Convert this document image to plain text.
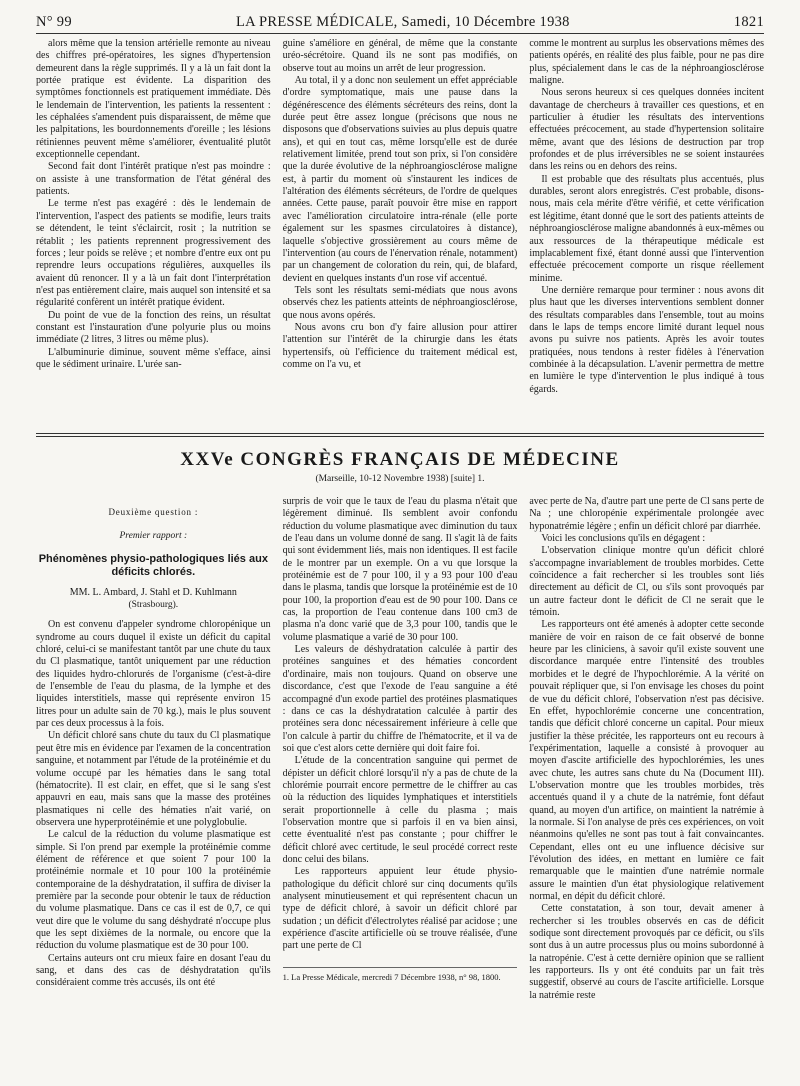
N° 99	LA PRESSE MÉDICALE, Samedi, 10 Décembre 1938	1821

alors même que la tension artérielle remonte au niveau des chiffres pré-opératoires, les signes d'hypertension demeurent dans la règle supprimés. Il y a là un fait dont la portée pratique est évidente. La disparition des symptômes fonctionnels est pratiquement immédiate. Dès le lendemain de l'intervention, les patients la ressentent : les céphalées s'amendent puis disparaissent, de même que les palpitations, les bourdonnements d'oreille ; les lésions rétiniennes peuvent même s'améliorer, éventualité plutôt exceptionnelle cependant.

Second fait dont l'intérêt pratique n'est pas moindre : on assiste à une transformation de l'état général des patients.

Le terme n'est pas exagéré : dès le lendemain de l'intervention, l'aspect des patients se modifie, leurs traits se détendent, le teint s'éclaircit, rosit ; la nutrition se rétablit ; les patients reprennent progressivement des forces ; leur poids se relève ; et nombre d'entre eux ont pu reprendre leurs occupations régulières, auxquelles ils avaient dû renoncer. Il y a là un fait dont l'interprétation n'est pas entièrement claire, mais auquel son intensité et sa régularité confèrent un intérêt pratique évident.

Du point de vue de la fonction des reins, un résultat constant est l'instauration d'une polyurie plus ou moins immédiate (2 litres, 3 litres ou même plus).

L'albuminurie diminue, souvent même s'efface, ainsi que le sédiment urinaire. L'urée san-

guine s'améliore en général, de même que la constante uréo-sécrétoire. Quand ils ne sont pas modifiés, on observe tout au moins un arrêt de leur progression.

Au total, il y a donc non seulement un effet appréciable d'ordre symptomatique, mais une pause dans la dégénérescence des éléments sécréteurs des reins, dont la durée peut être assez longue (précisons que nous ne disposons que d'observations suivies au plus depuis quatre ans), et qui en tout cas, même lorsqu'elle est de durée relativement limitée, prend tout son prix, si l'on considère que la durée évolutive de la néphroangiosclérose maligne est, à partir du moment où s'instaurent les indices de l'altération des éléments sécréteurs, de l'ordre de quelques années. Cette pause, paraît pouvoir être mise en rapport avec l'amélioration circulatoire intra-rénale (elle porte également sur les spasmes circulatoires à distance), laquelle s'objective grossièrement au cours même de l'intervention (au cours de l'énervation rénale, notamment) par un changement de coloration du rein, qui, de blafard, devient en quelques instants d'un rose vif accentué.

Tels sont les résultats semi-médiats que nous avons observés chez les patients atteints de néphroangiosclérose, que nous avons opérés.

Nous avons cru bon d'y faire allusion pour attirer l'attention sur l'intérêt de la chirurgie dans les états hypertensifs, où l'efficience du traitement médical est, comme on l'a vu, et

comme le montrent au surplus les observations mêmes des patients opérés, en réalité des plus faible, pour ne pas dire plus, spécialement dans le cas de la néphroangiosclérose maligne.

Nous serons heureux si ces quelques données incitent davantage de chercheurs à travailler ces questions, et en particulier à étudier les résultats des interventions effectuées précocement, au stade d'hypertension solitaire même, avant que des lésions de destruction par trop profondes et de plus irréversibles ne se soient instaurées dans les reins ou en dehors des reins.

Il est probable que des résultats plus accentués, plus durables, seront alors enregistrés. C'est probable, disons-nous, mais cela mérite d'être vérifié, et cette vérification est légitime, étant donné que le sort des patients atteints de néphroangiosclérose maligne abandonnés à eux-mêmes ou aux ressources de la thérapeutique médicale est implacablement fixé, étant donné aussi que l'intervention effectuée précocement comporte un risque réellement minime.

Une dernière remarque pour terminer : nous avons dit plus haut que les diverses interventions semblent donner des résultats comparables dans l'ensemble, tout au moins dans le laps de temps encore limité durant lequel nous avons pu suivre nos patients. Après les avoir toutes pratiquées, nous tendons à rester fidèles à l'énervation combinée à la décapsulation. L'avenir permettra de mettre en lumière le type d'intervention le plus indiqué à tous égards.

XXVe CONGRÈS FRANÇAIS DE MÉDECINE
(Marseille, 10-12 Novembre 1938) [suite] 1.
Deuxième question :
Premier rapport :
Phénomènes physio-pathologiques liés aux déficits chlorés.
MM. L. Ambard, J. Stahl et D. Kuhlmann
(Strasbourg).

On est convenu d'appeler syndrome chloropénique un syndrome au cours duquel il existe un déficit du capital chloré, celui-ci se manifestant tantôt par une chute du taux du Cl plasmatique, tantôt uniquement par une réduction des liquides hydro-chlorurés de l'organisme (c'est-à-dire de l'ensemble de l'eau du plasma, de la lymphe et des liquides interstitiels, masse qui représente environ 15 litres pour un adulte sain de 70 kg.), mais le plus souvent par ces deux processus à la fois.

Un déficit chloré sans chute du taux du Cl plasmatique peut être mis en évidence par l'examen de la concentration sanguine, et notamment par l'étude de la protéinémie et du volume occupé par les hématies dans le sang total (hématocrite). Il est clair, en effet, que si le sang s'est appauvri en eau, mais sans que la masse des protéines plasmatiques ni celle des hématies n'ait varié, on observera une hyperprotéinémie et une polyglobulie.

Le calcul de la réduction du volume plasmatique est simple. Si l'on prend par exemple la protéinémie comme élément de référence et que soient 7 pour 100 la protéinémie normale et 10 pour 100 la protéinémie contemporaine de la déshydratation, il suffira de diviser la première par la seconde pour obtenir le taux de réduction du volume plasmatique. Dans ce cas il est de 0,7, ce qui veut dire que le volume du sang déshydraté n'occupe plus que les sept dixièmes de la normale, ou encore que la réduction du volume plasmatique est de 30 pour 100.

Certains auteurs ont cru mieux faire en dosant l'eau du sang, et dans des cas de déshydratation qu'ils considéraient comme très accusés, ils ont été

surpris de voir que le taux de l'eau du plasma n'était que légèrement diminué. Ils semblent avoir confondu réduction du volume plasmatique avec diminution du taux de l'eau dans un volume donné de sang. Il s'agit là de faits qui sont évidemment liés, mais non identiques. Il est facile de le montrer par un exemple. On a vu que lorsque la protéinémie est de 7 pour 100, il y a 93 pour 100 d'eau dans le plasma, tandis que lorsque la protéinémie est de 10 pour 100, la proportion d'eau est de 90 pour 100. Dans ce cas, la proportion de l'eau contenue dans 100 cm3 de plasma n'a donc varié que de 3,3 pour 100, tandis que le volume plasmatique a varié de 30 pour 100.

Les valeurs de déshydratation calculée à partir des protéines sanguines et des hématies concordent d'ordinaire, mais non toujours. Quand on observe une discordance, c'est que l'exode de l'eau sanguine a été accompagné d'un exode partiel des protéines plasmatiques : dans ce cas la déshydratation calculée à partir des protéines sera donc nécessairement inférieure à celle que l'on calcule à partir du chiffre de l'hématocrite, et il va de soi que c'est alors cette dernière qui doit faire foi.

L'étude de la concentration sanguine qui permet de dépister un déficit chloré lorsqu'il n'y a pas de chute de la chlorémie pourrait encore permettre de le chiffrer au cas où la réduction des liquides lymphatiques et interstitiels serait proportionnelle à celle du plasma ; mais l'observation montre que si parfois il en va bien ainsi, cette éventualité n'est pas constante ; pour chiffrer le déficit chloré avec certitude, le seul procédé correct reste donc celui des bilans.

Les rapporteurs appuient leur étude physio-pathologique du déficit chloré sur cinq documents qu'ils analysent minutieusement et qui représentent chacun un type de déficit chloré, à savoir un déficit chloré par sudation ; un déficit d'électrolytes réalisé par acidose ; une expérience d'ascite artificielle où se trouve réalisée, d'une part une perte de Cl

1. La Presse Médicale, mercredi 7 Décembre 1938, n° 98, 1800.

avec perte de Na, d'autre part une perte de Cl sans perte de Na ; une chloropénie expérimentale prolongée avec hyponatrémie légère ; enfin un déficit chloré par diarrhée.

Voici les conclusions qu'ils en dégagent :

L'observation clinique montre qu'un déficit chloré s'accompagne invariablement de troubles morbides. Cette coïncidence a fait rechercher si les troubles sont liés directement au déficit de Cl, ou s'ils sont provoqués par un autre facteur dont le déficit de Cl ne serait que le témoin.

Les rapporteurs ont été amenés à adopter cette seconde manière de voir en raison de ce fait observé de bonne heure par les cliniciens, à savoir qu'il existe souvent une discordance marquée entre l'intensité des troubles morbides et le degré de l'hypochlorémie. A la vérité on pouvait répliquer que, si l'on envisage les choses du point de vue du déficit chloré, l'observation n'est pas décisive. En effet, hypochlorémie concerne une concentration, tandis que déficit chloré concerne un capital. Pour mieux justifier la thèse précitée, les rapporteurs ont eu recours à l'expérimentation, laquelle a consisté à provoquer au moyen d'ascite artificielle des hypochlorémies, les unes avec chute, les autres sans chute du Na (Document III). L'observation montre que les troubles morbides, très accentués quand il y a chute de la natrémie, font défaut quand, au moyen d'un artifice, on maintient la natrémie à la normale. Si l'on analyse de près ces expériences, on voit néanmoins qu'elles ne sont pas tout à fait convaincantes. Cependant, elles ont eu une influence décisive sur l'évolution des idées, en mettant en lumière ce fait remarquable que le maintien d'une natrémie normale assure le maintien d'un état physiologique relativement normal, en dépit du déficit chloré.

Cette constatation, à son tour, devait amener à rechercher si les troubles observés en cas de déficit sodique sont directement provoqués par ce déficit, ou s'ils sont dus à un autre processus plus ou moins subordonné à la natropénie. C'est à cette dernière opinion que se rallient les rapporteurs. Ils y ont été conduits par un fait très suggestif, observé au cours de l'ascite artificielle. Lorsque la natrémie reste
